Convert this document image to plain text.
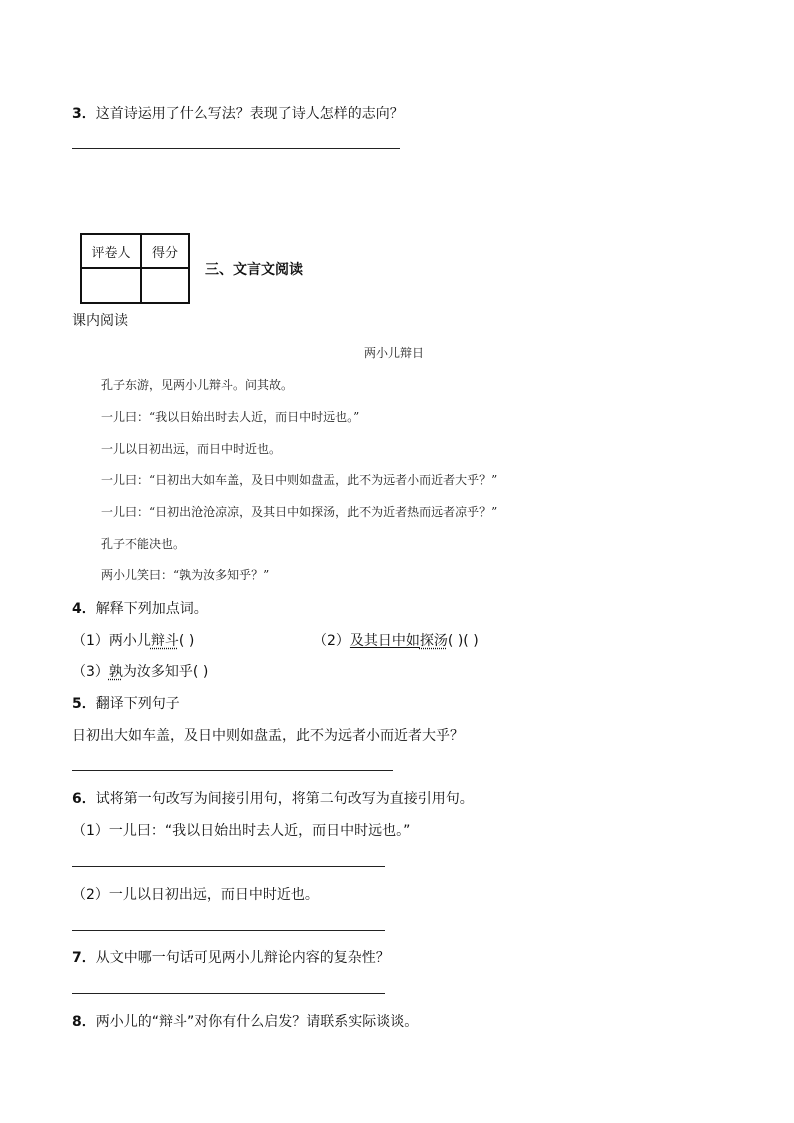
3．这首诗运用了什么写法？表现了诗人怎样的志向？
评卷人	得分

三、文言文阅读
课内阅读
两小儿辩日
孔子东游，见两小儿辩斗。问其故。
一儿曰：“我以日始出时去人近，而日中时远也。”
一儿以日初出远，而日中时近也。
一儿曰：“日初出大如车盖，及日中则如盘盂，此不为远者小而近者大乎？”
一儿曰：“日初出沧沧凉凉，及其日中如探汤，此不为近者热而远者凉乎？”
孔子不能决也。
两小儿笑曰：“孰为汝多知乎？”
4．解释下列加点词。
（1）两小儿辩斗( )	（2）及其日中如探汤( )( )
（3）孰为汝多知乎( )
5．翻译下列句子
日初出大如车盖，及日中则如盘盂，此不为远者小而近者大乎？
6．试将第一句改写为间接引用句，将第二句改写为直接引用句。
（1）一儿曰：“我以日始出时去人近，而日中时远也。”
（2）一儿以日初出远，而日中时近也。
7．从文中哪一句话可见两小儿辩论内容的复杂性？
8．两小儿的“辩斗”对你有什么启发？请联系实际谈谈。
